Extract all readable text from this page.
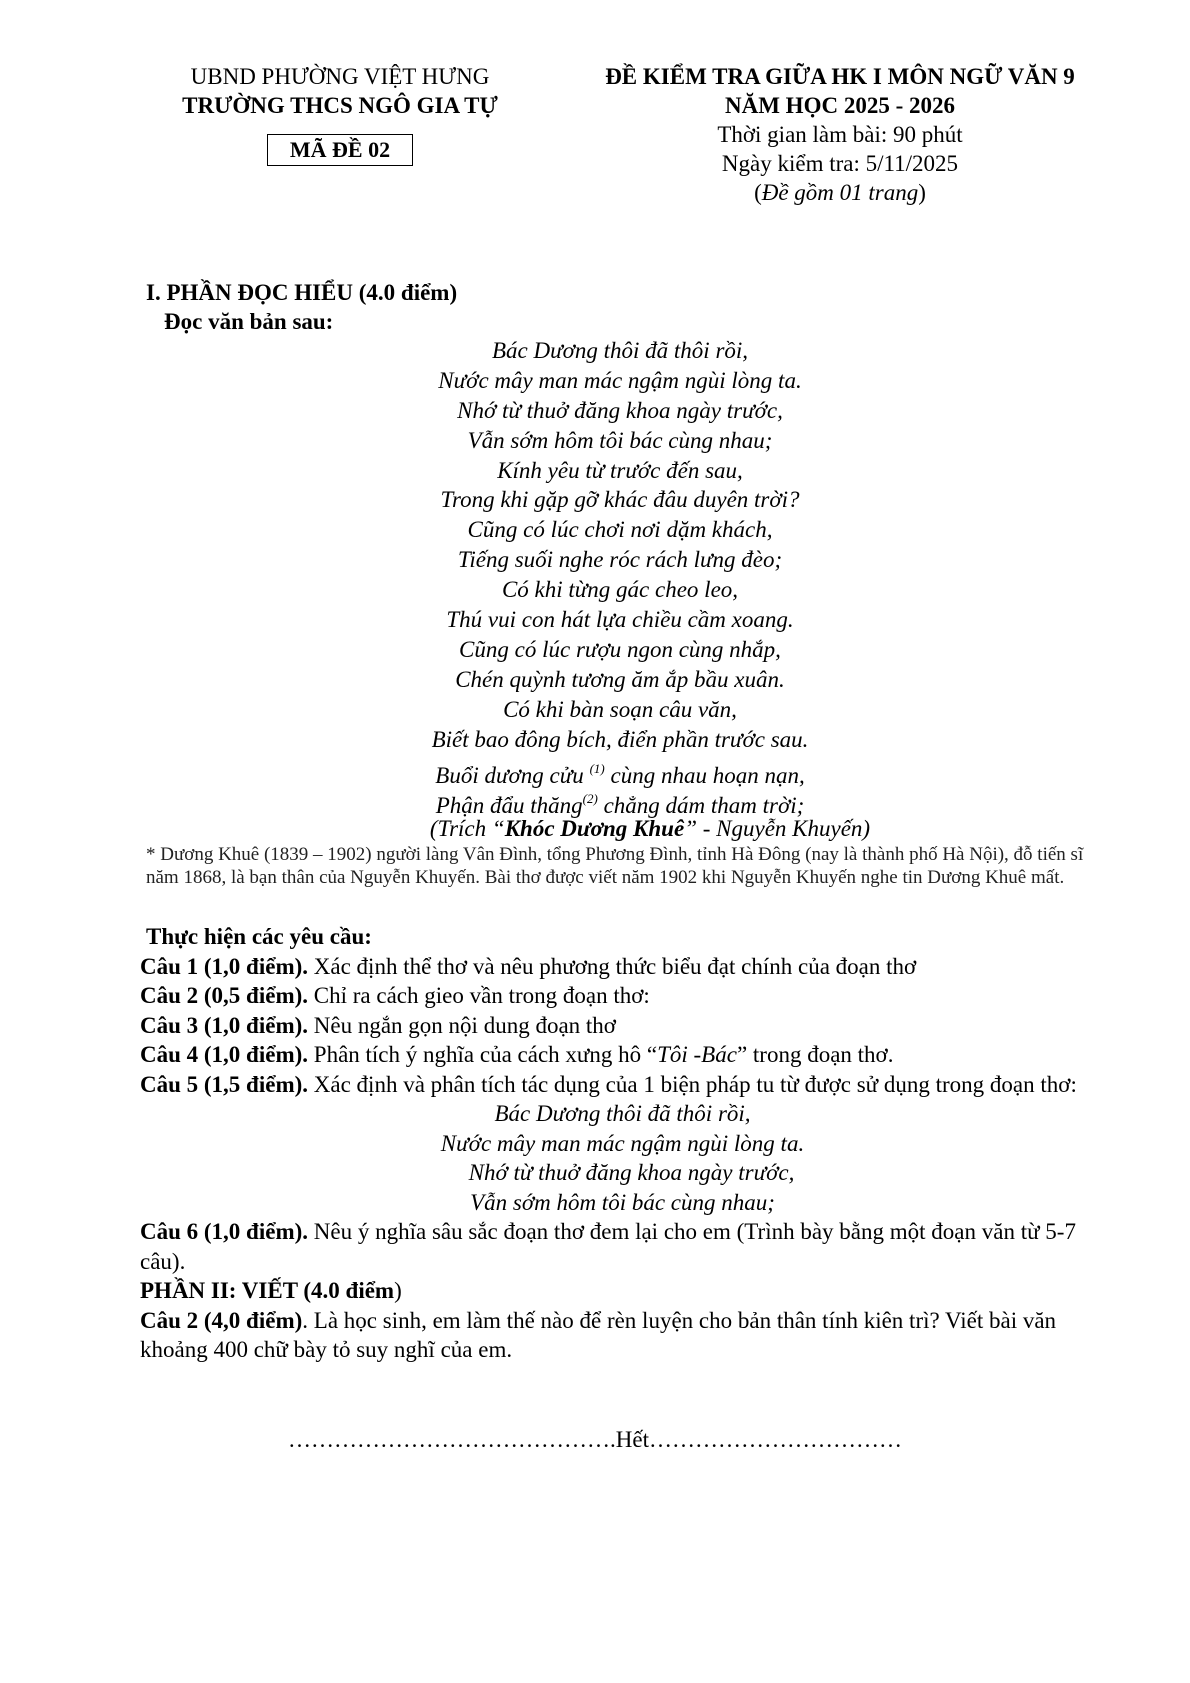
UBND PHƯỜNG VIỆT HƯNG
TRƯỜNG THCS NGÔ GIA TỰ
MÃ ĐỀ 02
ĐỀ KIỂM TRA GIỮA HK I MÔN NGỮ VĂN 9
NĂM HỌC 2025 - 2026
Thời gian làm bài: 90 phút
Ngày kiểm tra: 5/11/2025
(Đề gồm 01 trang)
I. PHẦN ĐỌC HIỂU (4.0 điểm)
Đọc văn bản sau:
Bác Dương thôi đã thôi rồi,
Nước mây man mác ngậm ngùi lòng ta.
Nhớ từ thuở đăng khoa ngày trước,
Vẫn sớm hôm tôi bác cùng nhau;
Kính yêu từ trước đến sau,
Trong khi gặp gỡ khác đâu duyên trời?
Cũng có lúc chơi nơi dặm khách,
Tiếng suối nghe róc rách lưng đèo;
Có khi từng gác cheo leo,
Thú vui con hát lựa chiều cầm xoang.
Cũng có lúc rượu ngon cùng nhắp,
Chén quỳnh tương ăm ắp bầu xuân.
Có khi bàn soạn câu văn,
Biết bao đông bích, điển phần trước sau.
Buổi dương cửu $^{(1)}$ cùng nhau hoạn nạn,
Phận đẩu thăng$^{(2)}$ chẳng dám tham trời;
(Trích “Khóc Dương Khuê” - Nguyễn Khuyến)
* Dương Khuê (1839 – 1902) người làng Vân Đình, tổng Phương Đình, tỉnh Hà Đông (nay là thành phố Hà Nội), đỗ tiến sĩ năm 1868, là bạn thân của Nguyễn Khuyến. Bài thơ được viết năm 1902 khi Nguyễn Khuyến nghe tin Dương Khuê mất.

Thực hiện các yêu cầu:

Câu 1 (1,0 điểm). Xác định thể thơ và nêu phương thức biểu đạt chính của đoạn thơ

Câu 2 (0,5 điểm). Chỉ ra cách gieo vần trong đoạn thơ:

Câu 3 (1,0 điểm). Nêu ngắn gọn nội dung đoạn thơ

Câu 4 (1,0 điểm). Phân tích ý nghĩa của cách xưng hô “Tôi -Bác” trong đoạn thơ.

Câu 5 (1,5 điểm). Xác định và phân tích tác dụng của 1 biện pháp tu từ được sử dụng trong đoạn thơ:

Bác Dương thôi đã thôi rồi,
Nước mây man mác ngậm ngùi lòng ta.
Nhớ từ thuở đăng khoa ngày trước,
Vẫn sớm hôm tôi bác cùng nhau;

Câu 6 (1,0 điểm). Nêu ý nghĩa sâu sắc đoạn thơ đem lại cho em (Trình bày bằng một đoạn văn từ 5-7 câu).

PHẦN II: VIẾT (4.0 điểm)

Câu 2 (4,0 điểm). Là học sinh, em làm thế nào để rèn luyện cho bản thân tính kiên trì? Viết bài văn khoảng 400 chữ bày tỏ suy nghĩ của em.

…………………………………….Hết……………………………
